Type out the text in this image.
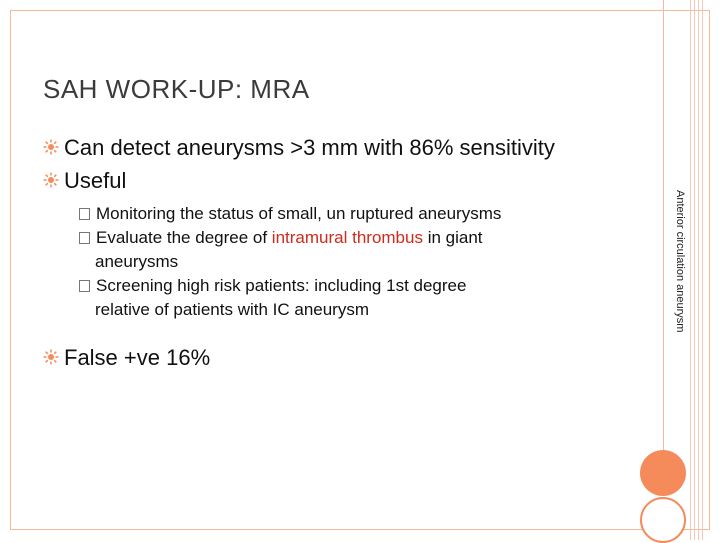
SAH WORK-UP: MRA
Can detect aneurysms >3 mm with 86% sensitivity
Useful
Monitoring the status of small, un ruptured aneurysms
Evaluate the degree of intramural thrombus in giant
aneurysms
Screening high risk patients: including 1st degree
relative of patients with IC aneurysm
False +ve 16%
Anterior circulation aneurysm
